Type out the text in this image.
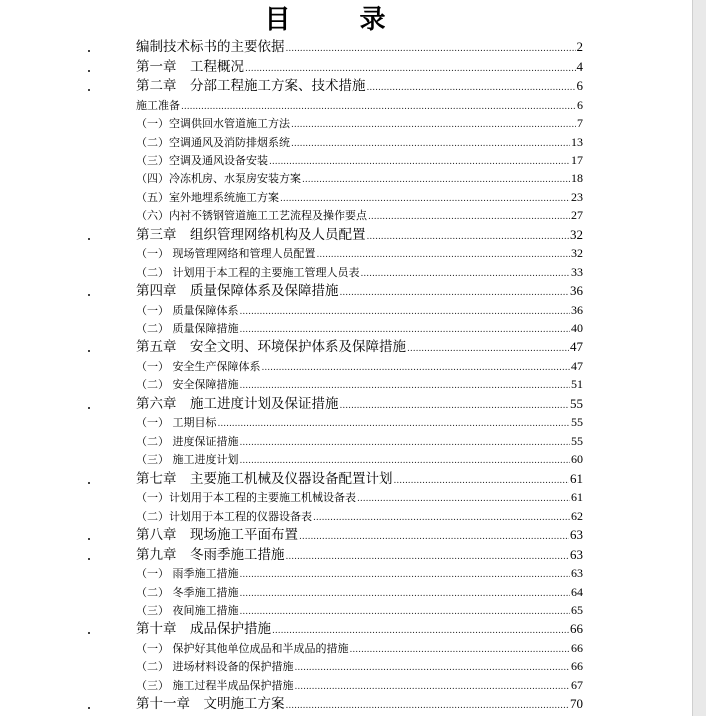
目 录
编制技术标书的主要依据 .....	2
第一章　工程概况 .....	4
第二章　分部工程施工方案、技术措施 .....	6
施工准备 .....	6
（一）空调供回水管道施工方法 .....	7
（二）空调通风及消防排烟系统 .....	13
（三）空调及通风设备安装 .....	17
（四）冷冻机房、水泵房安装方案 .....	18
（五）室外地埋系统施工方案 .....	23
（六）内衬不锈钢管道施工工艺流程及操作要点 .....	27
第三章　组织管理网络机构及人员配置 .....	32
（一） 现场管理网络和管理人员配置 .....	32
（二） 计划用于本工程的主要施工管理人员表 .....	33
第四章　质量保障体系及保障措施 .....	36
（一） 质量保障体系 .....	36
（二） 质量保障措施 .....	40
第五章　安全文明、环境保护体系及保障措施 .....	47
（一） 安全生产保障体系 .....	47
（二） 安全保障措施 .....	51
第六章　施工进度计划及保证措施 .....	55
（一） 工期目标 .....	55
（二） 进度保证措施 .....	55
（三） 施工进度计划 .....	60
第七章　主要施工机械及仪器设备配置计划 .....	61
（一）计划用于本工程的主要施工机械设备表 .....	61
（二）计划用于本工程的仪器设备表 .....	62
第八章　现场施工平面布置 .....	63
第九章　冬雨季施工措施 .....	63
（一） 雨季施工措施 .....	63
（二） 冬季施工措施 .....	64
（三） 夜间施工措施 .....	65
第十章　成品保护措施 .....	66
（一） 保护好其他单位成品和半成品的措施 .....	66
（二） 进场材料设备的保护措施 .....	66
（三） 施工过程半成品保护措施 .....	67
第十一章　文明施工方案 .....	70
